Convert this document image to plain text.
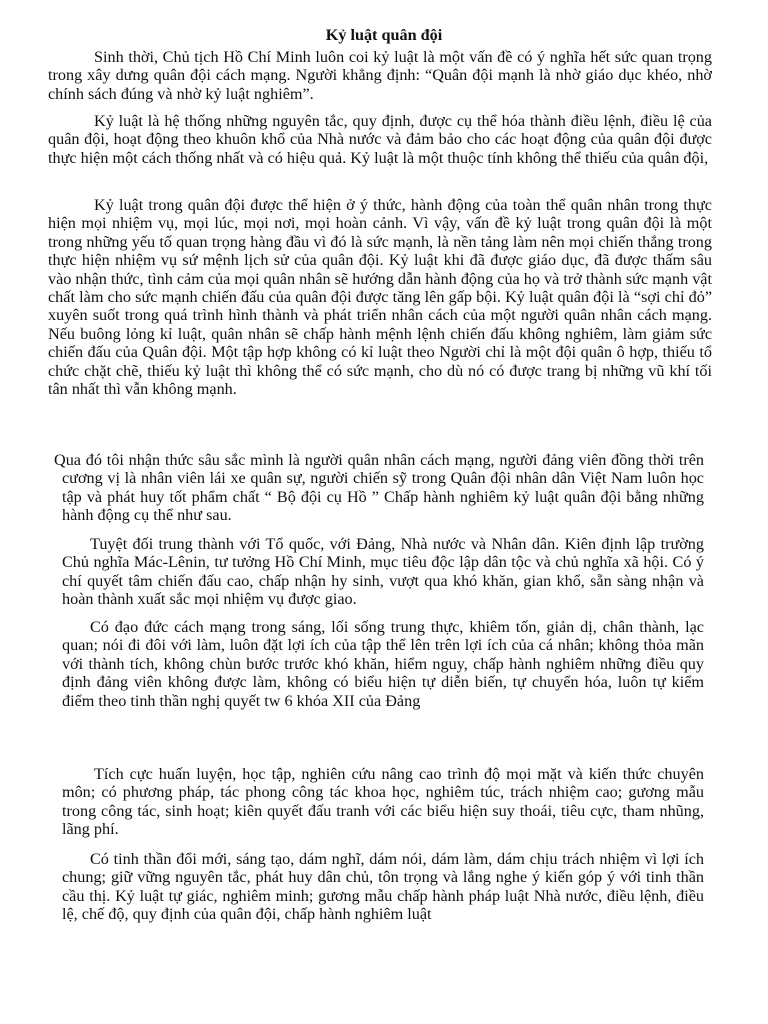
Kỷ luật quân đội

Sinh thời, Chủ tịch Hồ Chí Minh luôn coi kỷ luật là một vấn đề có ý nghĩa hết sức quan trọng trong xây dưng quân đội cách mạng. Người khẳng định: “Quân đội mạnh là nhờ giáo dục khéo, nhờ chính sách đúng và nhờ kỷ luật nghiêm”.

Kỷ luật là hệ thống những nguyên tắc, quy định, được cụ thể hóa thành điều lệnh, điều lệ của quân đội, hoạt động theo khuôn khổ của Nhà nước và đảm bảo cho các hoạt động của quân đội được thực hiện một cách thống nhất và có hiệu quả. Kỷ luật là một thuộc tính không thể thiếu của quân đội,

Kỷ luật trong quân đội được thể hiện ở ý thức, hành động của toàn thể quân nhân trong thực hiện mọi nhiệm vụ, mọi lúc, mọi nơi, mọi hoàn cảnh. Vì vậy, vấn đề kỷ luật trong quân đội là một trong những yếu tố quan trọng hàng đầu vì đó là sức mạnh, là nền tảng làm nên mọi chiến thắng trong thực hiện nhiệm vụ sứ mệnh lịch sử của quân đội. Kỷ luật khi đã được giáo dục, đã được thấm sâu vào nhận thức, tình cảm của mọi quân nhân sẽ hướng dẫn hành động của họ và trở thành sức mạnh vật chất làm cho sức mạnh chiến đấu của quân đội được tăng lên gấp bội. Kỷ luật quân đội là “sợi chỉ đỏ” xuyên suốt trong quá trình hình thành và phát triển nhân cách của một người quân nhân cách mạng. Nếu buông lỏng kỉ luật, quân nhân sẽ chấp hành mệnh lệnh chiến đấu không nghiêm, làm giảm sức chiến đấu của Quân đội. Một tập hợp không có kỉ luật theo Người chỉ là một đội quân ô hợp, thiếu tổ chức chặt chẽ, thiếu kỷ luật thì không thể có sức mạnh, cho dù nó có được trang bị những vũ khí tối tân nhất thì vẫn không mạnh.

Qua đó tôi nhận thức sâu sắc mình là người quân nhân cách mạng, người đảng viên đồng thời trên cương vị là nhân viên lái xe quân sự, người chiến sỹ trong Quân đội nhân dân Việt Nam luôn học tập và phát huy tốt phẩm chất “ Bộ đội cụ Hồ ” Chấp hành nghiêm kỷ luật quân đội bằng những hành động cụ thể như sau.

Tuyệt đối trung thành với Tổ quốc, với Đảng, Nhà nước và Nhân dân. Kiên định lập trường Chủ nghĩa Mác-Lênin, tư tưởng Hồ Chí Minh, mục tiêu độc lập dân tộc và chủ nghĩa xã hội. Có ý chí quyết tâm chiến đấu cao, chấp nhận hy sinh, vượt qua khó khăn, gian khổ, sẵn sàng nhận và hoàn thành xuất sắc mọi nhiệm vụ được giao.

Có đạo đức cách mạng trong sáng, lối sống trung thực, khiêm tốn, giản dị, chân thành, lạc quan; nói đi đôi với làm, luôn đặt lợi ích của tập thể lên trên lợi ích của cá nhân; không thỏa mãn với thành tích, không chùn bước trước khó khăn, hiểm nguy, chấp hành nghiêm những điều quy định đảng viên không được làm, không có biểu hiện tự diễn biến, tự chuyển hóa, luôn tự kiểm điểm theo tinh thần nghị quyết tw 6 khóa XII của Đảng

Tích cực huấn luyện, học tập, nghiên cứu nâng cao trình độ mọi mặt và kiến thức chuyên môn; có phương pháp, tác phong công tác khoa học, nghiêm túc, trách nhiệm cao; gương mẫu trong công tác, sinh hoạt; kiên quyết đấu tranh với các biểu hiện suy thoái, tiêu cực, tham nhũng, lãng phí.

Có tinh thần đổi mới, sáng tạo, dám nghĩ, dám nói, dám làm, dám chịu trách nhiệm vì lợi ích chung; giữ vững nguyên tắc, phát huy dân chủ, tôn trọng và lắng nghe ý kiến góp ý với tinh thần cầu thị. Kỷ luật tự giác, nghiêm minh; gương mẫu chấp hành pháp luật Nhà nước, điều lệnh, điều lệ, chế độ, quy định của quân đội, chấp hành nghiêm luật
